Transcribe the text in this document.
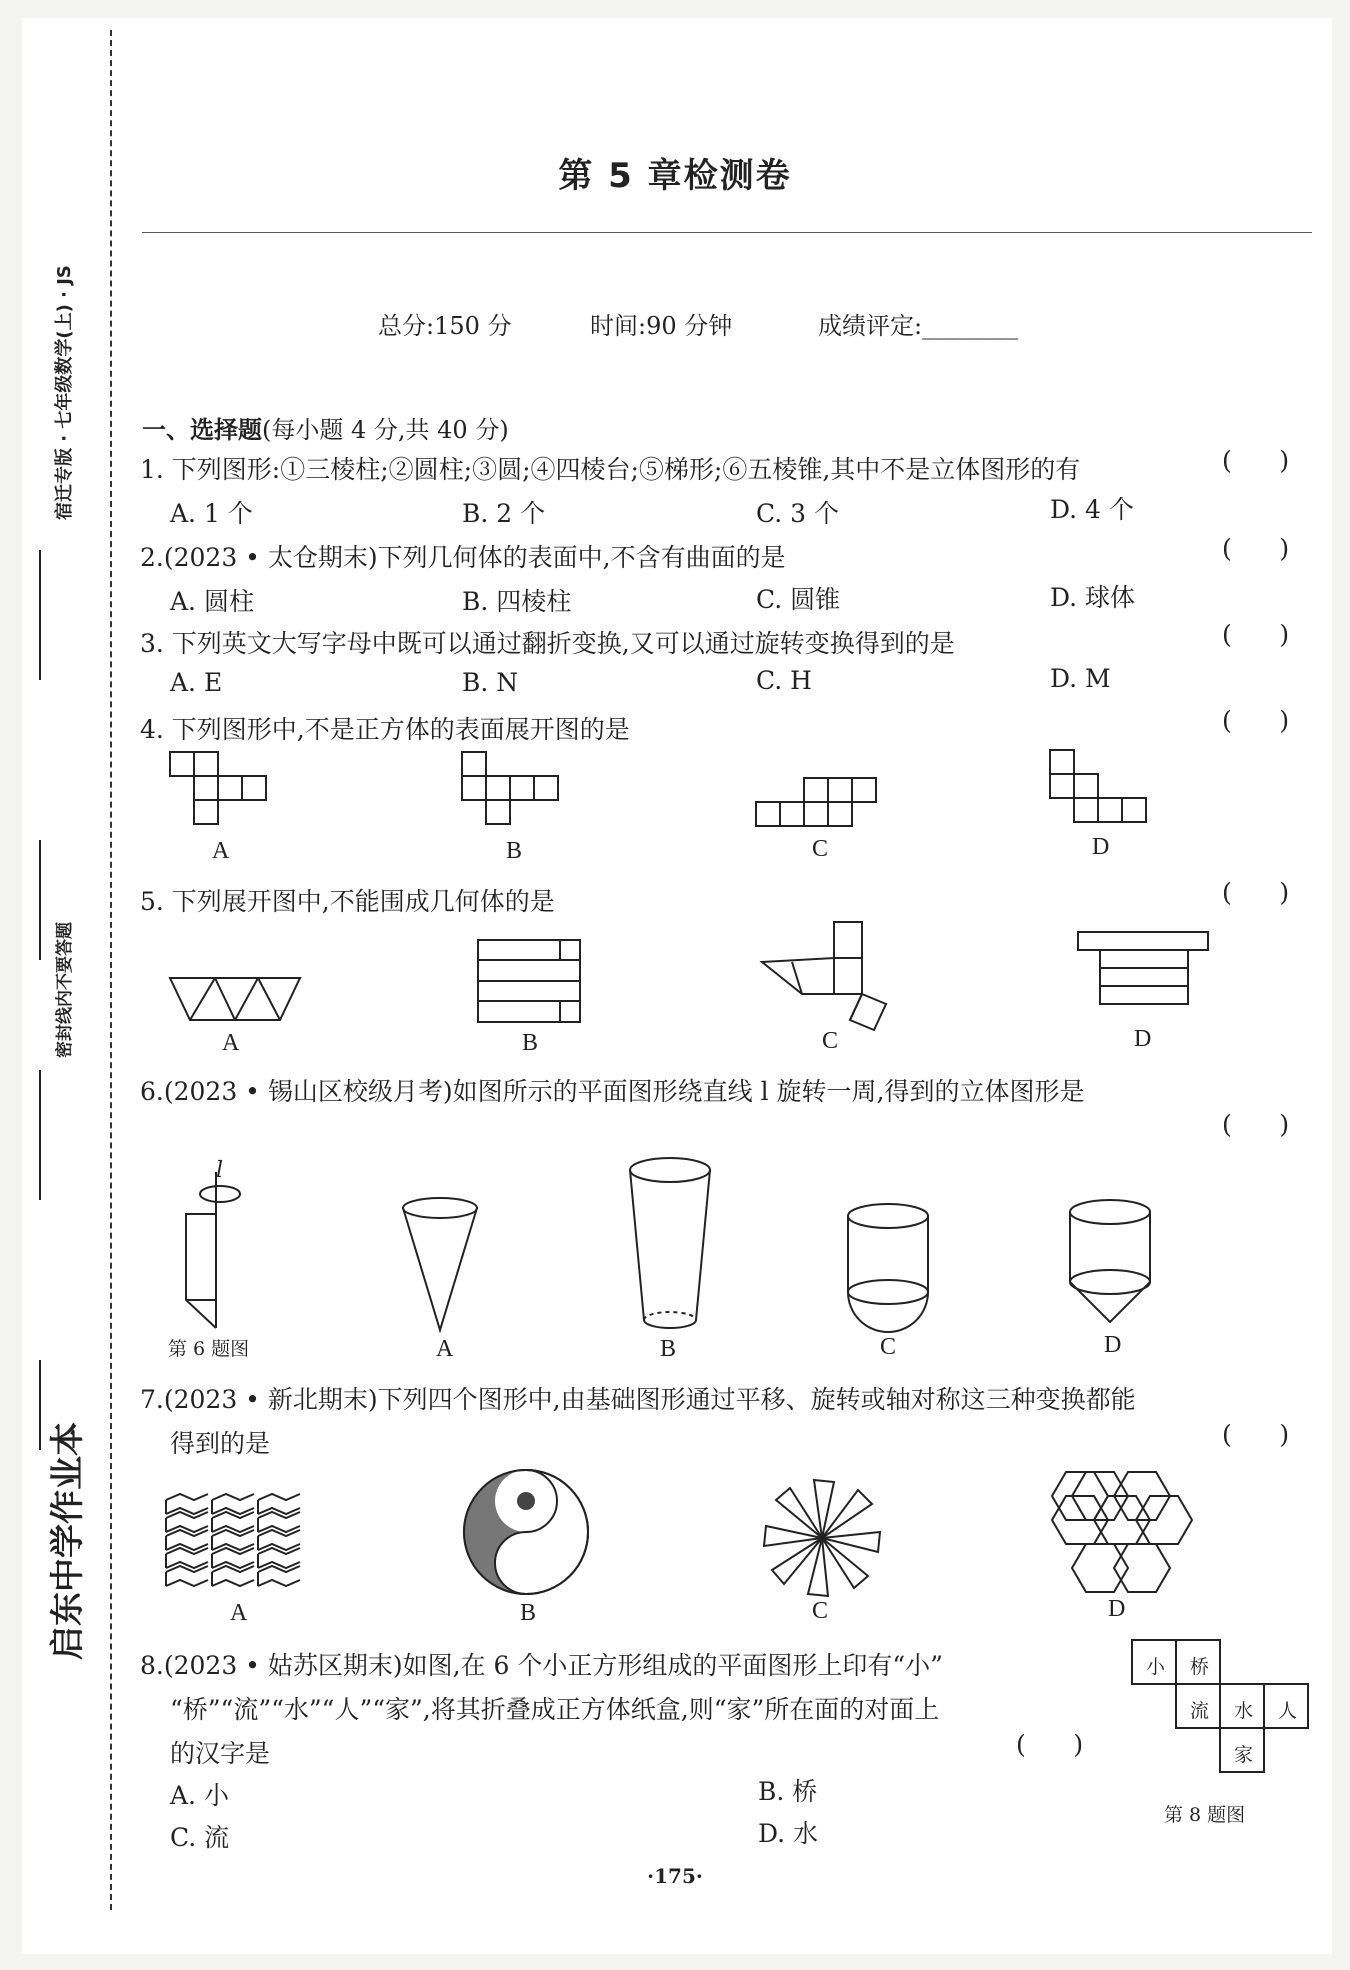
启东中学作业本
宿迁专版 · 七年级数学(上) · JS
密封线内不要答题
第 5 章检测卷
总分:150 分	时间:90 分钟	成绩评定:________
一、选择题(每小题 4 分,共 40 分)
1. 下列图形:①三棱柱;②圆柱;③圆;④四棱台;⑤梯形;⑥五棱锥,其中不是立体图形的有	(      )
A. 1 个	B. 2 个	C. 3 个	D. 4 个
2.(2023 • 太仓期末)下列几何体的表面中,不含有曲面的是	(      )
A. 圆柱	B. 四棱柱	C. 圆锥	D. 球体
3. 下列英文大写字母中既可以通过翻折变换,又可以通过旋转变换得到的是	(      )
A. E	B. N	C. H	D. M
4. 下列图形中,不是正方体的表面展开图的是	(      )
A	B	C	D
5. 下列展开图中,不能围成几何体的是	(      )
A	B	C	D
6.(2023 • 锡山区校级月考)如图所示的平面图形绕直线 l 旋转一周,得到的立体图形是
(      )
l
第 6 题图	A	B	C	D
7.(2023 • 新北期末)下列四个图形中,由基础图形通过平移、旋转或轴对称这三种变换都能
得到的是	(      )
A	B	C	D
8.(2023 • 姑苏区期末)如图,在 6 个小正方形组成的平面图形上印有“小”
“桥”“流”“水”“人”“家”,将其折叠成正方体纸盒,则“家”所在面的对面上
的汉字是	(      )
A. 小	B. 桥
C. 流	D. 水
小 桥
流 水 人
家
第 8 题图
·175·
